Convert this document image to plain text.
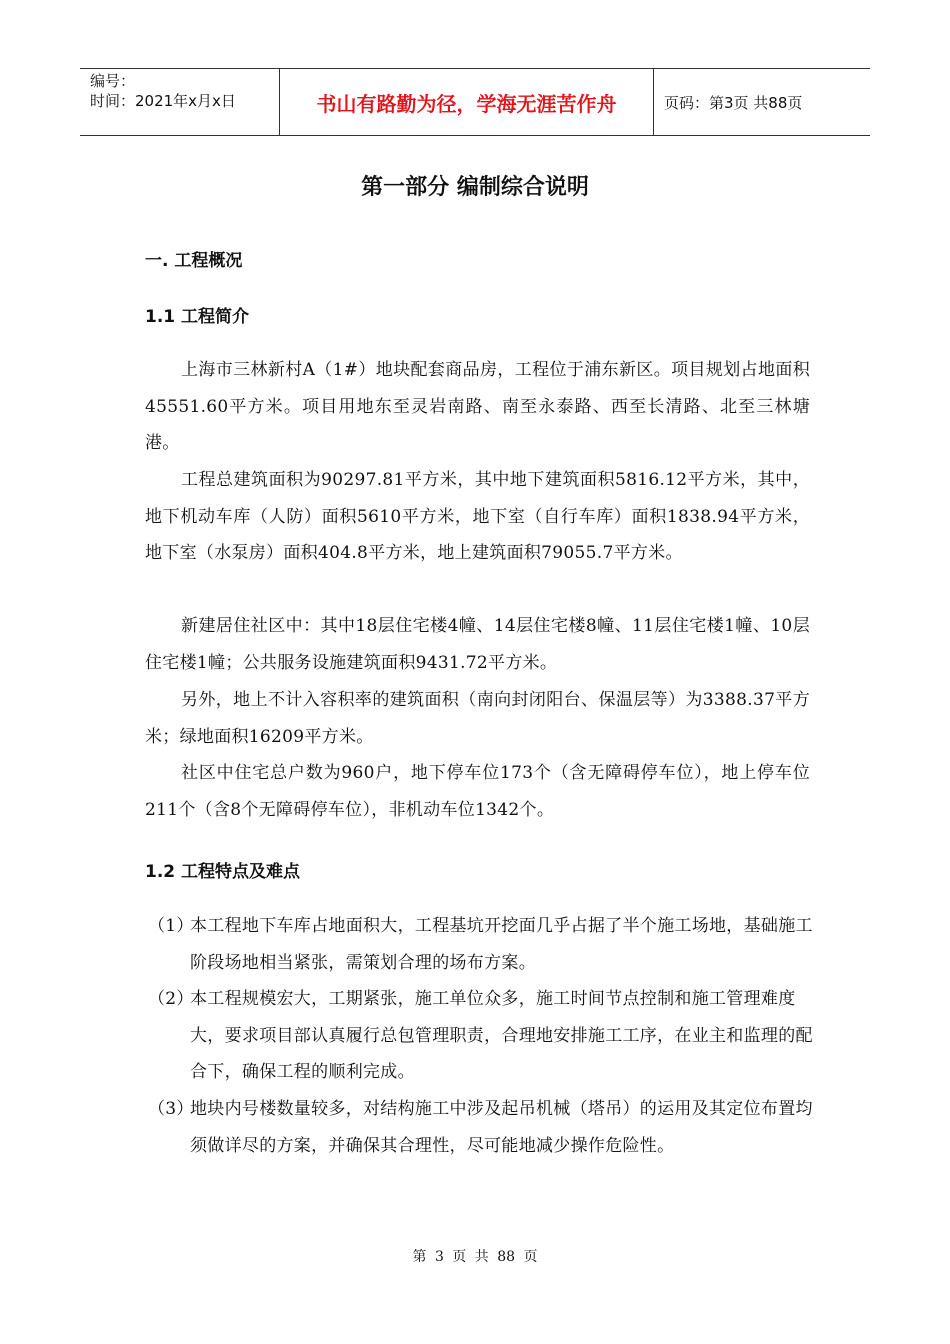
编号：
时间：2021年x月x日	书山有路勤为径，学海无涯苦作舟	页码：第3页 共88页
第一部分 编制综合说明
一. 工程概况
1.1 工程简介
上海市三林新村A（1#）地块配套商品房，工程位于浦东新区。项目规划占地面积45551.60平方米。项目用地东至灵岩南路、南至永泰路、西至长清路、北至三林塘港。
工程总建筑面积为90297.81平方米，其中地下建筑面积5816.12平方米，其中，地下机动车库（人防）面积5610平方米，地下室（自行车库）面积1838.94平方米，地下室（水泵房）面积404.8平方米，地上建筑面积79055.7平方米。
新建居住社区中：其中18层住宅楼4幢、14层住宅楼8幢、11层住宅楼1幢、10层住宅楼1幢；公共服务设施建筑面积9431.72平方米。
另外，地上不计入容积率的建筑面积（南向封闭阳台、保温层等）为3388.37平方米；绿地面积16209平方米。
社区中住宅总户数为960户，地下停车位173个（含无障碍停车位），地上停车位211个（含8个无障碍停车位），非机动车位1342个。
1.2 工程特点及难点
（1）
本工程地下车库占地面积大，工程基坑开挖面几乎占据了半个施工场地，基础施工阶段场地相当紧张，需策划合理的场布方案。
（2）
本工程规模宏大，工期紧张，施工单位众多，施工时间节点控制和施工管理难度大，要求项目部认真履行总包管理职责，合理地安排施工工序，在业主和监理的配合下，确保工程的顺利完成。
（3）
地块内号楼数量较多，对结构施工中涉及起吊机械（塔吊）的运用及其定位布置均须做详尽的方案，并确保其合理性，尽可能地减少操作危险性。
第 3 页 共 88 页
